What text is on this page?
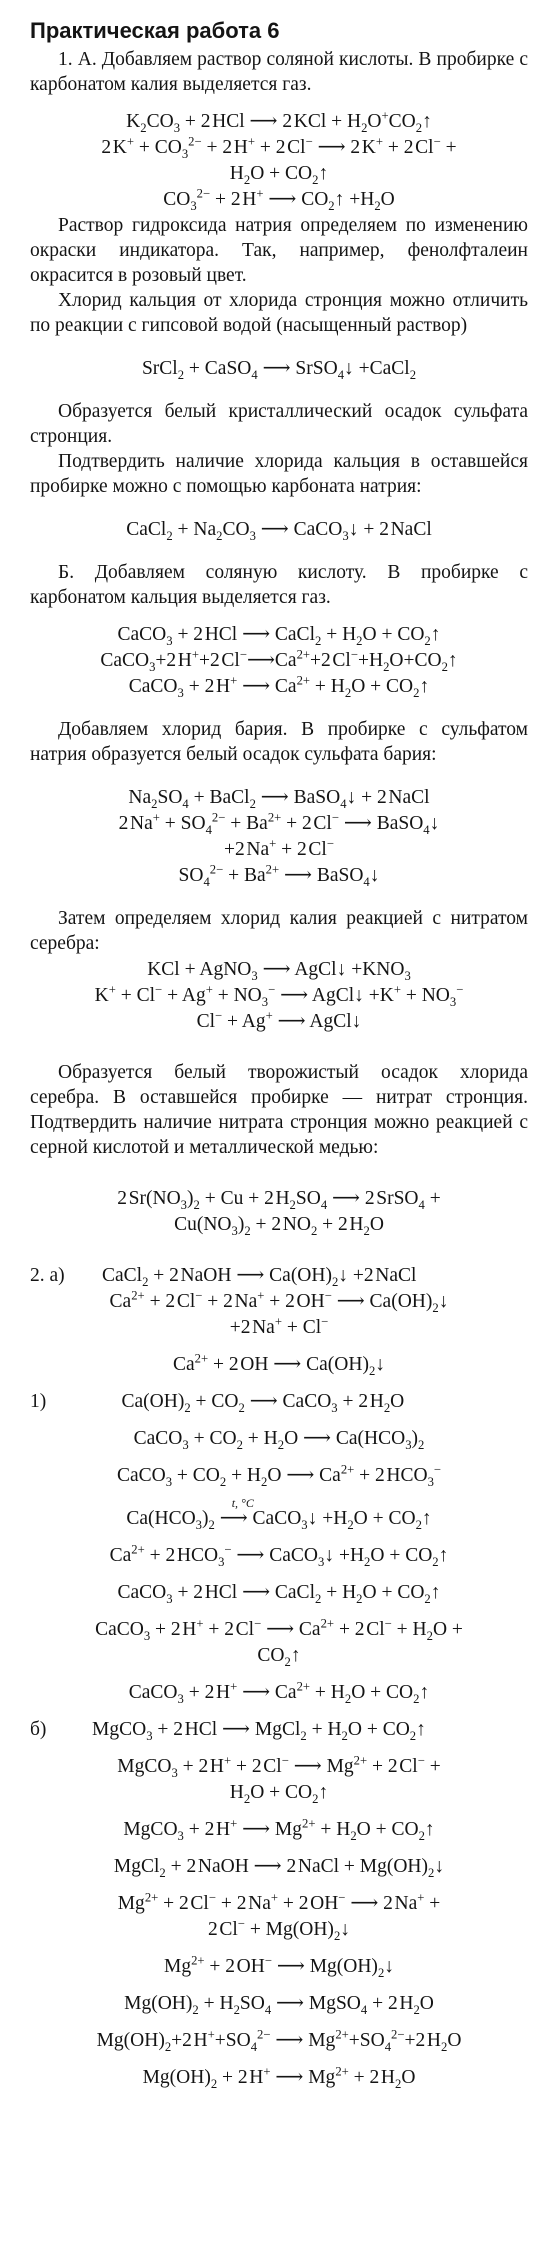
Практическая работа 6

1. А. Добавляем раствор соляной кислоты. В пробирке с карбонатом калия выделяется газ.

$K_2CO_3 + 2$ HCl ⟶ 2 KCl + $H_2O^+CO_2↑$
2 $K^+ + CO_3^{2-} + 2$ H+ + 2 Cl− ⟶ 2 K+ + 2 Cl− +
$H_2O$ + $CO_2↑$
$CO_3^{2-} + 2$ H+ ⟶ $CO_2↑ +H_2O$

Раствор гидроксида натрия определяем по изменению окраски индикатора. Так, например, фенолфталеин окрасится в розовый цвет.

Хлорид кальция от хлорида стронция можно отличить по реакции с гипсовой водой (насыщенный раствор)

SrCl$_2$ + CaSO$_4$ ⟶ SrSO$_4$↓ +CaCl$_2$

Образуется белый кристаллический осадок сульфата стронция.

Подтвердить наличие хлорида кальция в оставшейся пробирке можно с помощью карбоната натрия:

CaCl$_2$ + $Na_2CO_3$ ⟶ CaCO$_3$↓ + 2 NaCl

Б. Добавляем соляную кислоту. В пробирке с карбонатом кальция выделяется газ.

CaCO$_3$ + 2 HCl ⟶ CaCl$_2$ + $H_2O$ + $CO_2↑$
CaCO$_3$+2 H++2 $Cl^-⟶Ca^{2+}+2$ $Cl^-+H_2O+CO_2↑$
CaCO$_3$ + 2 H+ ⟶ $Ca^{2+} + H_2O$ + $CO_2↑$

Добавляем хлорид бария. В пробирке с сульфатом натрия образуется белый осадок сульфата бария:

$Na_2SO_4$ + BaCl$_2$ ⟶ BaSO$_4$↓ + 2 NaCl
2 $Na^+ + SO_4^{2-} + Ba^{2+} + 2$ Cl− ⟶ BaSO$_4$↓
+2 Na+ + 2 Cl−
$SO_4^{2-} + Ba^{2+}$ ⟶ BaSO$_4$↓

Затем определяем хлорид калия реакцией с нитратом серебра:

KCl + AgNO$_3$ ⟶ AgCl↓ $+KNO_3$
$K^+ + Cl^- + Ag^+ + NO_3^-$ ⟶ AgCl↓ $+K^+ + NO_3^-$
Cl− + Ag+ ⟶ AgCl↓

Образуется белый творожистый осадок хлорида серебра. В оставшейся пробирке — нитрат стронция. Подтвердить наличие нитрата стронция можно реакцией с серной кислотой и металлической медью:

2 $Sr(NO_3)_2 + Cu + 2$ $H_2SO_4$ ⟶ 2 SrSO$_4$ +
$Cu(NO_3)_2 + 2$ $NO_2 + 2$ $H_2O$
2. а) CaCl$_2$ + 2 NaOH ⟶ $Ca(OH)_2↓ +2$ NaCl
$Ca^{2+} + 2$ Cl− + 2 Na+ + 2 OH− ⟶ $Ca(OH)_2↓$
+2 Na+ + Cl−
$Ca^{2+} + 2$ OH ⟶ $Ca(OH)_2↓$
1)	$Ca(OH)_2 + CO_2$ ⟶ CaCO$_3$ + 2 $H_2O$
CaCO$_3$ + $CO_2 + H_2O$ ⟶ $Ca(HCO_3)_2$
CaCO$_3$ + $CO_2 + H_2O$ ⟶ $Ca^{2+} + 2$ $HCO_3^-$
$Ca(HCO_3)_2$
t, °C
⟶ CaCO$_3$↓ $+H_2O$ + $CO_2↑$
$Ca^{2+} + 2$ $HCO_3^-$ ⟶ CaCO$_3$↓ $+H_2O$ + $CO_2↑$
CaCO$_3$ + 2 HCl ⟶ CaCl$_2$ + $H_2O$ + $CO_2↑$
CaCO$_3$ + 2 H+ + 2 Cl− ⟶ $Ca^{2+} + 2$ $Cl^- + H_2O$ +
$CO_2↑$
CaCO$_3$ + 2 H+ ⟶ $Ca^{2+} + H_2O$ + $CO_2↑$
б) MgCO$_3$ + 2 HCl ⟶ MgCl$_2$ + $H_2O$ + $CO_2↑$
MgCO$_3$ + 2 H+ + 2 Cl− ⟶ $Mg^{2+} + 2$ Cl− +
$H_2O$ + $CO_2↑$
MgCO$_3$ + 2 H+ ⟶ $Mg^{2+} + H_2O$ + $CO_2↑$
MgCl$_2$ + 2 NaOH ⟶ 2 NaCl + $Mg(OH)_2↓$
$Mg^{2+} + 2$ Cl− + 2 Na+ + 2 OH− ⟶ 2 Na+ +
2 $Cl^- + Mg(OH)_2↓$
$Mg^{2+} + 2$ OH− ⟶ $Mg(OH)_2↓$
$Mg(OH)_2 + H_2SO_4$ ⟶ MgSO$_4$ + 2 $H_2O$
$Mg(OH)_2+2$ $H^++SO_4^{2-}$ ⟶ $Mg^{2+}+SO_4^{2-}+2$ $H_2O$
$Mg(OH)_2 + 2$ H+ ⟶ $Mg^{2+} + 2$ $H_2O$
